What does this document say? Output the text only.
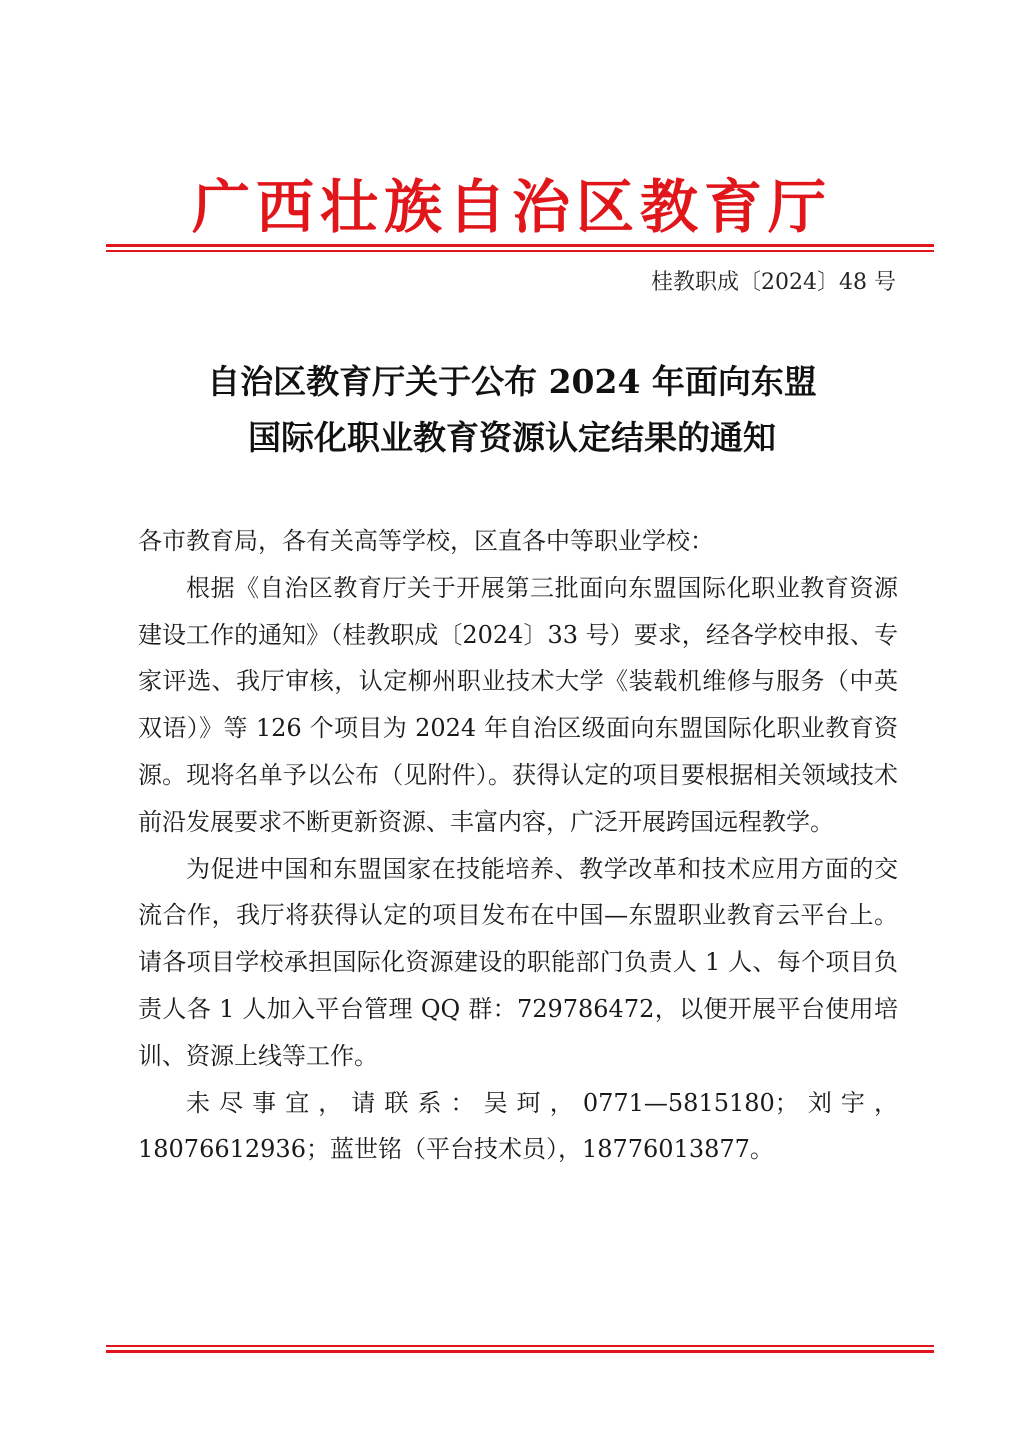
广西壮族自治区教育厅
桂教职成〔2024〕48 号
自治区教育厅关于公布 2024 年面向东盟
国际化职业教育资源认定结果的通知

各市教育局，各有关高等学校，区直各中等职业学校：

根据《自治区教育厅关于开展第三批面向东盟国际化职业教育资源建设工作的通知》（桂教职成〔2024〕33 号）要求，经各学校申报、专家评选、我厅审核，认定柳州职业技术大学《装载机维修与服务（中英双语）》等 126 个项目为 2024 年自治区级面向东盟国际化职业教育资源。现将名单予以公布（见附件）。获得认定的项目要根据相关领域技术前沿发展要求不断更新资源、丰富内容，广泛开展跨国远程教学。

为促进中国和东盟国家在技能培养、教学改革和技术应用方面的交流合作，我厅将获得认定的项目发布在中国—东盟职业教育云平台上。请各项目学校承担国际化资源建设的职能部门负责人 1 人、每个项目负责人各 1 人加入平台管理 QQ 群：729786472，以便开展平台使用培训、资源上线等工作。

未尽事宜，请联系：吴珂，0771—5815180；刘宇，18076612936；蓝世铭（平台技术员），18776013877。
